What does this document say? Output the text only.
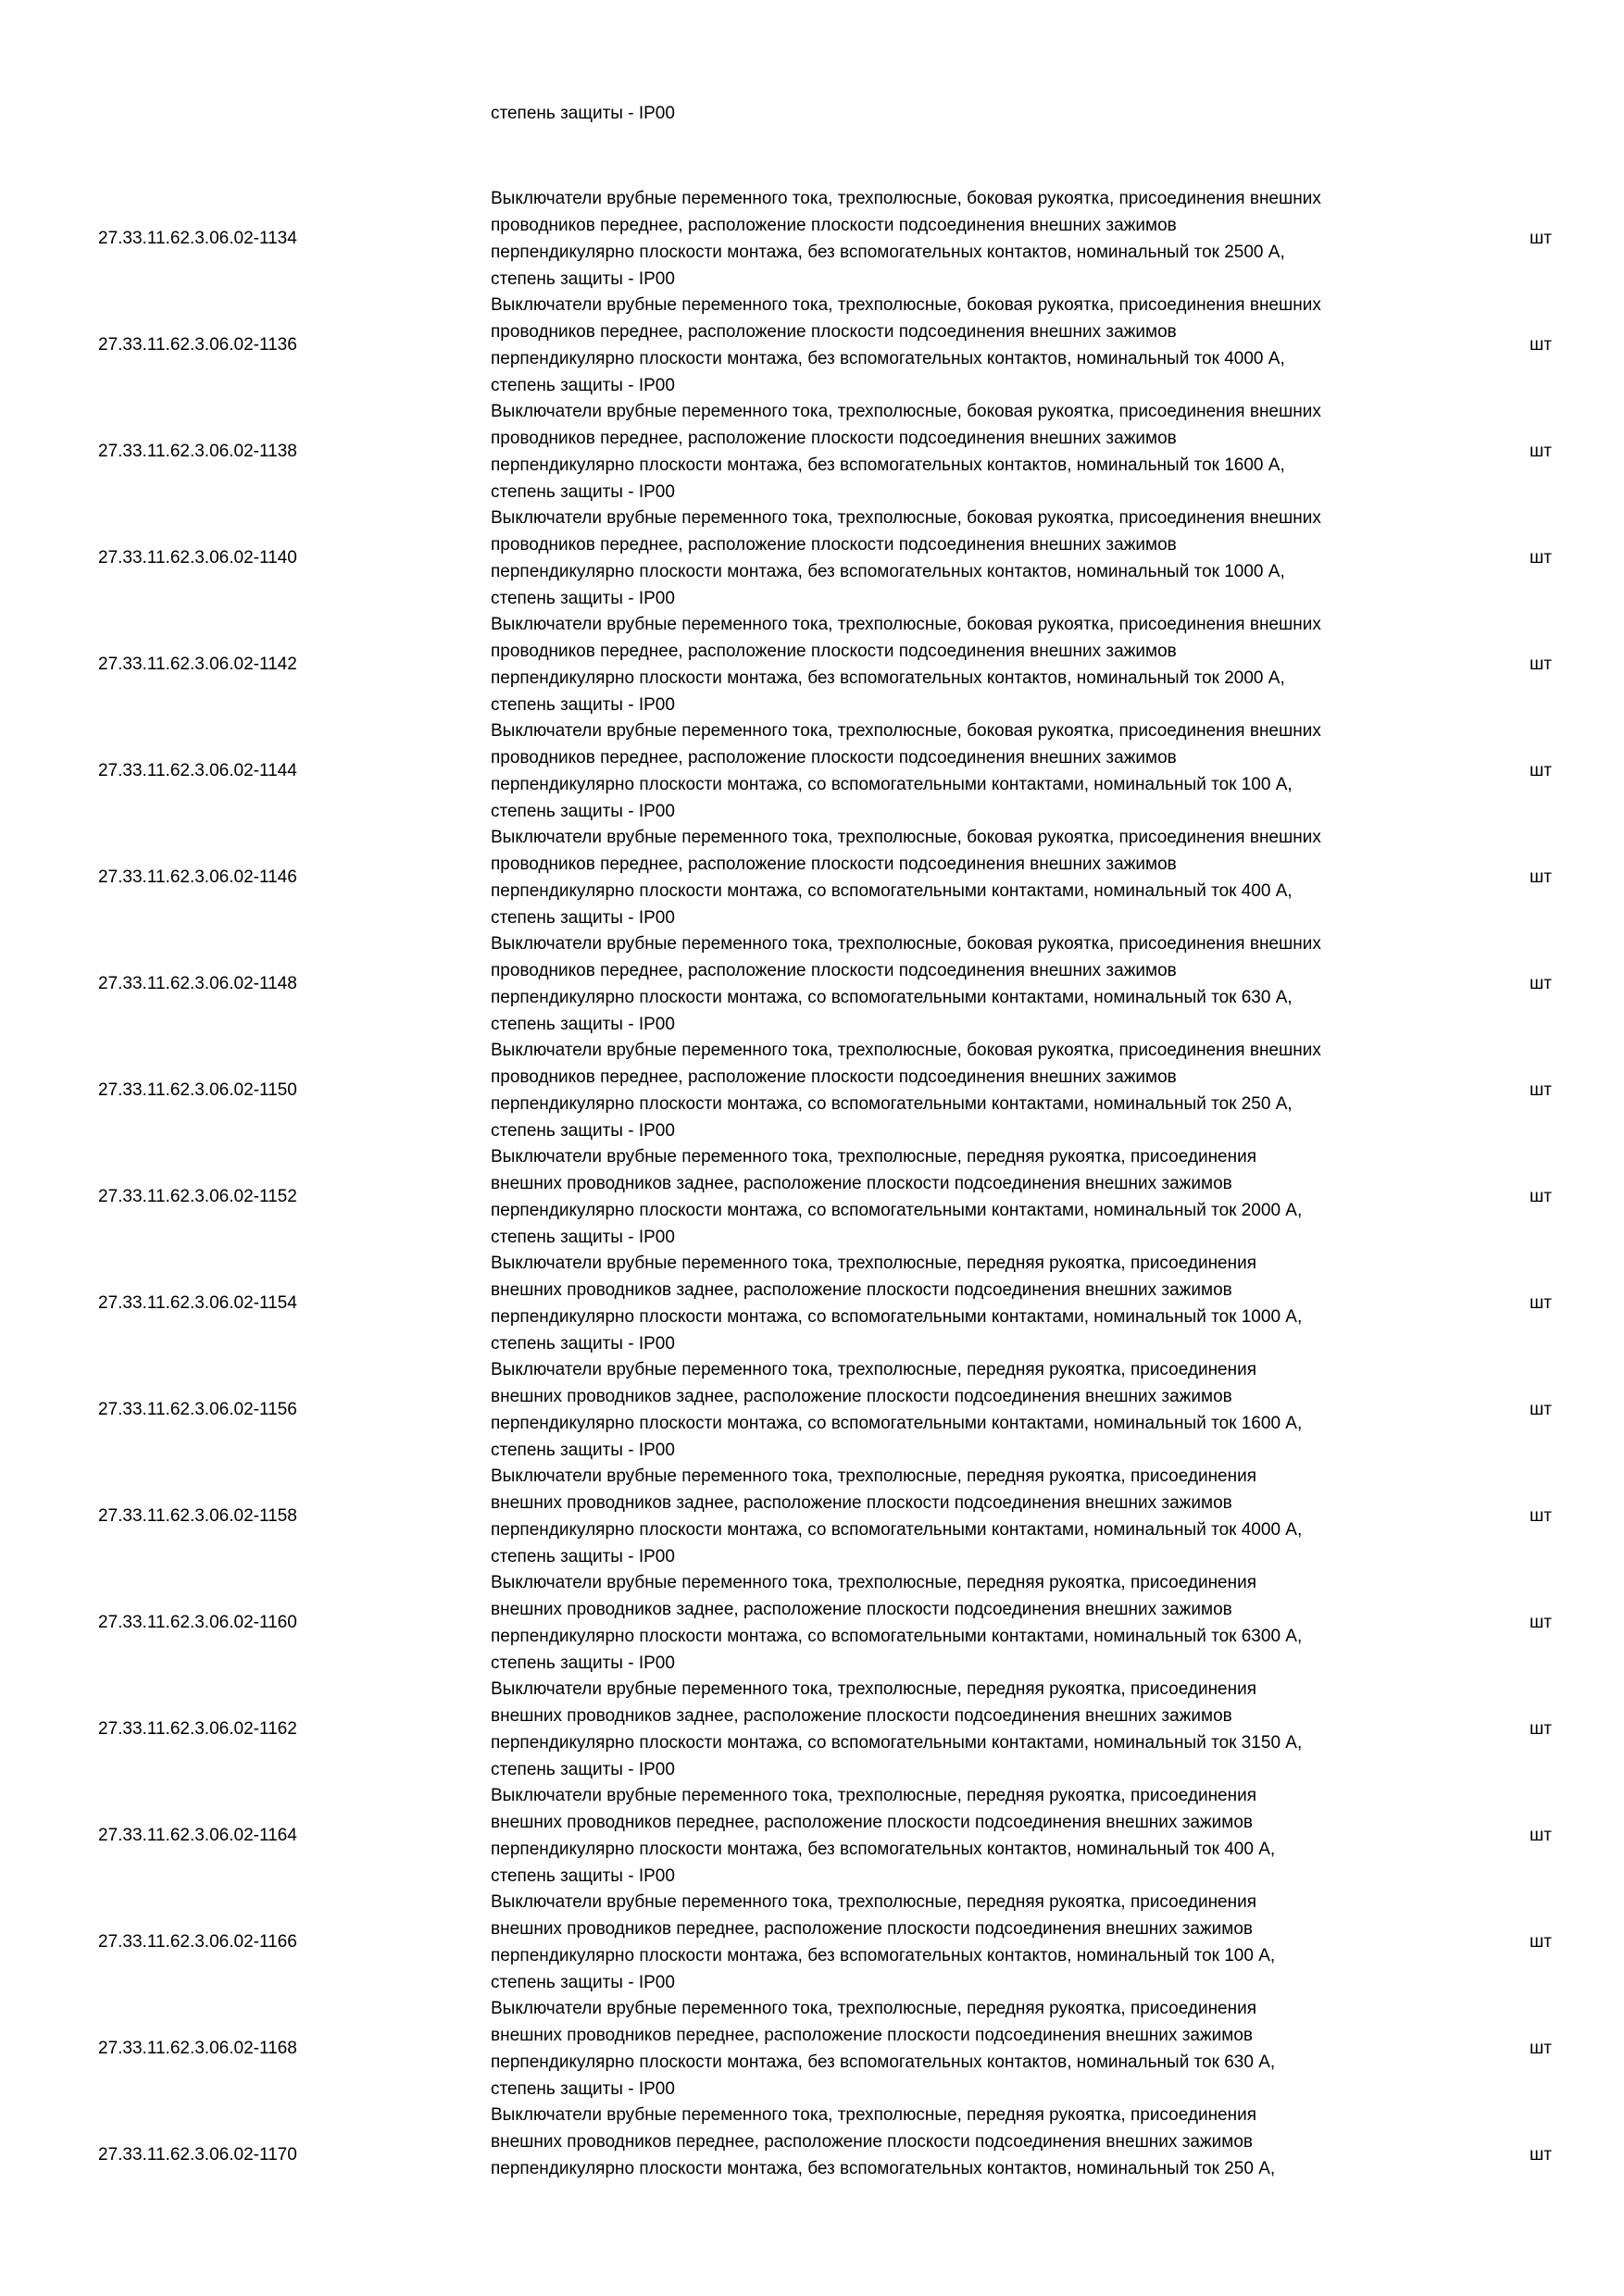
степень защиты - IP00
27.33.11.62.3.06.02-1134
Выключатели врубные переменного тока, трехполюсные, боковая рукоятка, присоединения внешних
проводников переднее, расположение плоскости подсоединения внешних зажимов
перпендикулярно плоскости монтажа, без вспомогательных контактов, номинальный ток 2500 А,
степень защиты - IP00
шт
27.33.11.62.3.06.02-1136
Выключатели врубные переменного тока, трехполюсные, боковая рукоятка, присоединения внешних
проводников переднее, расположение плоскости подсоединения внешних зажимов
перпендикулярно плоскости монтажа, без вспомогательных контактов, номинальный ток 4000 А,
степень защиты - IP00
шт
27.33.11.62.3.06.02-1138
Выключатели врубные переменного тока, трехполюсные, боковая рукоятка, присоединения внешних
проводников переднее, расположение плоскости подсоединения внешних зажимов
перпендикулярно плоскости монтажа, без вспомогательных контактов, номинальный ток 1600 А,
степень защиты - IP00
шт
27.33.11.62.3.06.02-1140
Выключатели врубные переменного тока, трехполюсные, боковая рукоятка, присоединения внешних
проводников переднее, расположение плоскости подсоединения внешних зажимов
перпендикулярно плоскости монтажа, без вспомогательных контактов, номинальный ток 1000 А,
степень защиты - IP00
шт
27.33.11.62.3.06.02-1142
Выключатели врубные переменного тока, трехполюсные, боковая рукоятка, присоединения внешних
проводников переднее, расположение плоскости подсоединения внешних зажимов
перпендикулярно плоскости монтажа, без вспомогательных контактов, номинальный ток 2000 А,
степень защиты - IP00
шт
27.33.11.62.3.06.02-1144
Выключатели врубные переменного тока, трехполюсные, боковая рукоятка, присоединения внешних
проводников переднее, расположение плоскости подсоединения внешних зажимов
перпендикулярно плоскости монтажа, со вспомогательными контактами, номинальный ток 100 А,
степень защиты - IP00
шт
27.33.11.62.3.06.02-1146
Выключатели врубные переменного тока, трехполюсные, боковая рукоятка, присоединения внешних
проводников переднее, расположение плоскости подсоединения внешних зажимов
перпендикулярно плоскости монтажа, со вспомогательными контактами, номинальный ток 400 А,
степень защиты - IP00
шт
27.33.11.62.3.06.02-1148
Выключатели врубные переменного тока, трехполюсные, боковая рукоятка, присоединения внешних
проводников переднее, расположение плоскости подсоединения внешних зажимов
перпендикулярно плоскости монтажа, со вспомогательными контактами, номинальный ток 630 А,
степень защиты - IP00
шт
27.33.11.62.3.06.02-1150
Выключатели врубные переменного тока, трехполюсные, боковая рукоятка, присоединения внешних
проводников переднее, расположение плоскости подсоединения внешних зажимов
перпендикулярно плоскости монтажа, со вспомогательными контактами, номинальный ток 250 А,
степень защиты - IP00
шт
27.33.11.62.3.06.02-1152
Выключатели врубные переменного тока, трехполюсные, передняя рукоятка, присоединения
внешних проводников заднее, расположение плоскости подсоединения внешних зажимов
перпендикулярно плоскости монтажа, со вспомогательными контактами, номинальный ток 2000 А,
степень защиты - IP00
шт
27.33.11.62.3.06.02-1154
Выключатели врубные переменного тока, трехполюсные, передняя рукоятка, присоединения
внешних проводников заднее, расположение плоскости подсоединения внешних зажимов
перпендикулярно плоскости монтажа, со вспомогательными контактами, номинальный ток 1000 А,
степень защиты - IP00
шт
27.33.11.62.3.06.02-1156
Выключатели врубные переменного тока, трехполюсные, передняя рукоятка, присоединения
внешних проводников заднее, расположение плоскости подсоединения внешних зажимов
перпендикулярно плоскости монтажа, со вспомогательными контактами, номинальный ток 1600 А,
степень защиты - IP00
шт
27.33.11.62.3.06.02-1158
Выключатели врубные переменного тока, трехполюсные, передняя рукоятка, присоединения
внешних проводников заднее, расположение плоскости подсоединения внешних зажимов
перпендикулярно плоскости монтажа, со вспомогательными контактами, номинальный ток 4000 А,
степень защиты - IP00
шт
27.33.11.62.3.06.02-1160
Выключатели врубные переменного тока, трехполюсные, передняя рукоятка, присоединения
внешних проводников заднее, расположение плоскости подсоединения внешних зажимов
перпендикулярно плоскости монтажа, со вспомогательными контактами, номинальный ток 6300 А,
степень защиты - IP00
шт
27.33.11.62.3.06.02-1162
Выключатели врубные переменного тока, трехполюсные, передняя рукоятка, присоединения
внешних проводников заднее, расположение плоскости подсоединения внешних зажимов
перпендикулярно плоскости монтажа, со вспомогательными контактами, номинальный ток 3150 А,
степень защиты - IP00
шт
27.33.11.62.3.06.02-1164
Выключатели врубные переменного тока, трехполюсные, передняя рукоятка, присоединения
внешних проводников переднее, расположение плоскости подсоединения внешних зажимов
перпендикулярно плоскости монтажа, без вспомогательных контактов, номинальный ток 400 А,
степень защиты - IP00
шт
27.33.11.62.3.06.02-1166
Выключатели врубные переменного тока, трехполюсные, передняя рукоятка, присоединения
внешних проводников переднее, расположение плоскости подсоединения внешних зажимов
перпендикулярно плоскости монтажа, без вспомогательных контактов, номинальный ток 100 А,
степень защиты - IP00
шт
27.33.11.62.3.06.02-1168
Выключатели врубные переменного тока, трехполюсные, передняя рукоятка, присоединения
внешних проводников переднее, расположение плоскости подсоединения внешних зажимов
перпендикулярно плоскости монтажа, без вспомогательных контактов, номинальный ток 630 А,
степень защиты - IP00
шт
27.33.11.62.3.06.02-1170
Выключатели врубные переменного тока, трехполюсные, передняя рукоятка, присоединения
внешних проводников переднее, расположение плоскости подсоединения внешних зажимов
перпендикулярно плоскости монтажа, без вспомогательных контактов, номинальный ток 250 А,
шт
